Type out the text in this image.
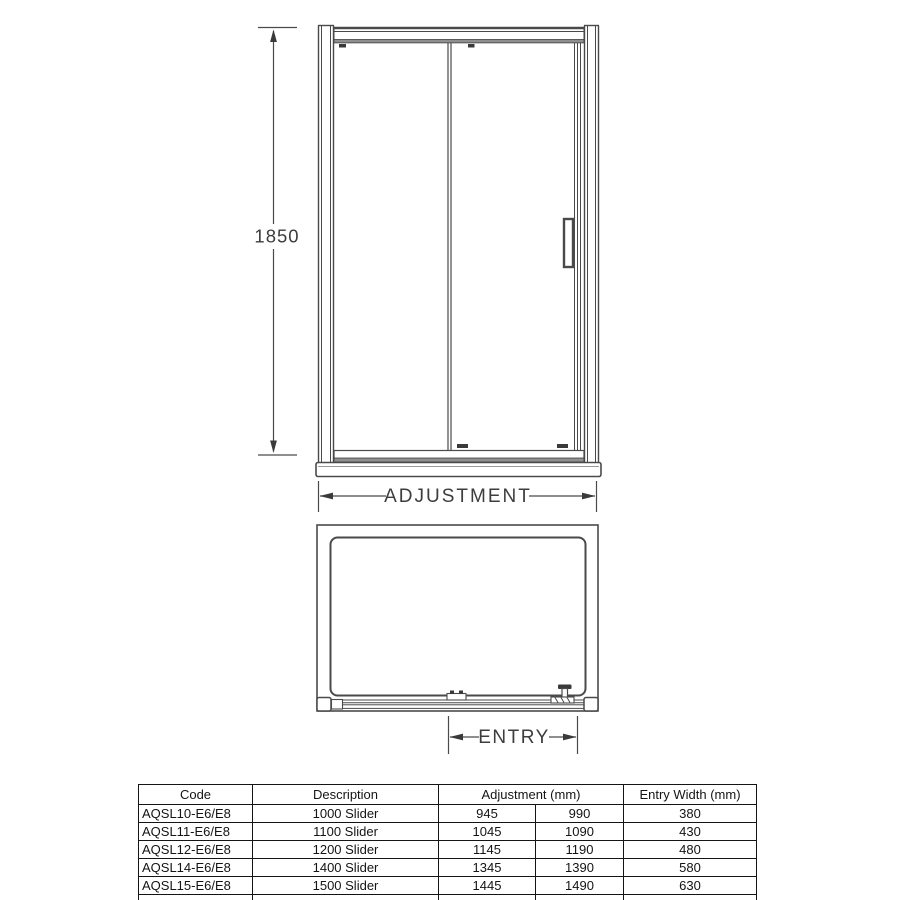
1850
ADJUSTMENT
ENTRY
Code	Description	Adjustment (mm)		Entry Width (mm)
AQSL10-E6/E8	1000 Slider	945	990	380
AQSL11-E6/E8	1100 Slider	1045	1090	430
AQSL12-E6/E8	1200 Slider	1145	1190	480
AQSL14-E6/E8	1400 Slider	1345	1390	580
AQSL15-E6/E8	1500 Slider	1445	1490	630
